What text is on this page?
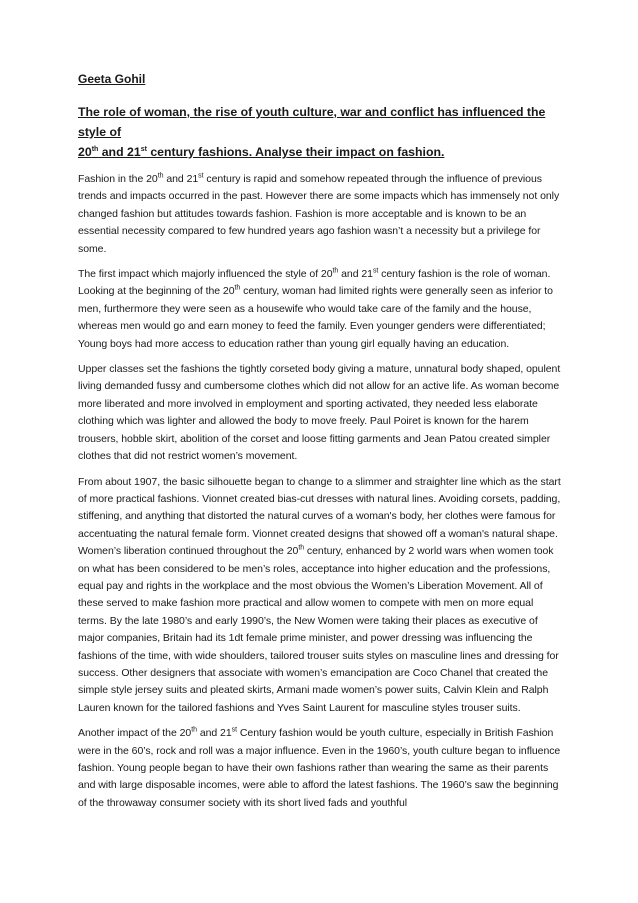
Geeta Gohil
The role of woman, the rise of youth culture, war and conflict has influenced the style of
20th and 21st century fashions. Analyse their impact on fashion.

Fashion in the 20th and 21st century is rapid and somehow repeated through the influence of previous trends and impacts occurred in the past. However there are some impacts which has immensely not only changed fashion but attitudes towards fashion. Fashion is more acceptable and is known to be an essential necessity compared to few hundred years ago fashion wasn’t a necessity but a privilege for some.

The first impact which majorly influenced the style of 20th and 21st century fashion is the role of woman. Looking at the beginning of the 20th century, woman had limited rights were generally seen as inferior to men, furthermore they were seen as a housewife who would take care of the family and the house, whereas men would go and earn money to feed the family. Even younger genders were differentiated; Young boys had more access to education rather than young girl equally having an education.

Upper classes set the fashions the tightly corseted body giving a mature, unnatural body shaped, opulent living demanded fussy and cumbersome clothes which did not allow for an active life. As woman become more liberated and more involved in employment and sporting activated, they needed less elaborate clothing which was lighter and allowed the body to move freely. Paul Poiret is known for the harem trousers, hobble skirt, abolition of the corset and loose fitting garments and Jean Patou created simpler clothes that did not restrict women’s movement.

From about 1907, the basic silhouette began to change to a slimmer and straighter line which as the start of more practical fashions. Vionnet created bias-cut dresses with natural lines. Avoiding corsets, padding, stiffening, and anything that distorted the natural curves of a woman's body, her clothes were famous for accentuating the natural female form. Vionnet created designs that showed off a woman's natural shape. Women’s liberation continued throughout the 20th century, enhanced by 2 world wars when women took on what has been considered to be men’s roles, acceptance into higher education and the professions, equal pay and rights in the workplace and the most obvious the Women’s Liberation Movement. All of these served to make fashion more practical and allow women to compete with men on more equal terms. By the late 1980’s and early 1990’s, the New Women were taking their places as executive of major companies, Britain had its 1dt female prime minister, and power dressing was influencing the fashions of the time, with wide shoulders, tailored trouser suits styles on masculine lines and dressing for success. Other designers that associate with women’s emancipation are Coco Chanel that created the simple style jersey suits and pleated skirts, Armani made women’s power suits, Calvin Klein and Ralph Lauren known for the tailored fashions and Yves Saint Laurent for masculine styles trouser suits.

Another impact of the 20th and 21st Century fashion would be youth culture, especially in British Fashion were in the 60’s, rock and roll was a major influence. Even in the 1960’s, youth culture began to influence fashion. Young people began to have their own fashions rather than wearing the same as their parents and with large disposable incomes, were able to afford the latest fashions. The 1960’s saw the beginning of the throwaway consumer society with its short lived fads and youthful
